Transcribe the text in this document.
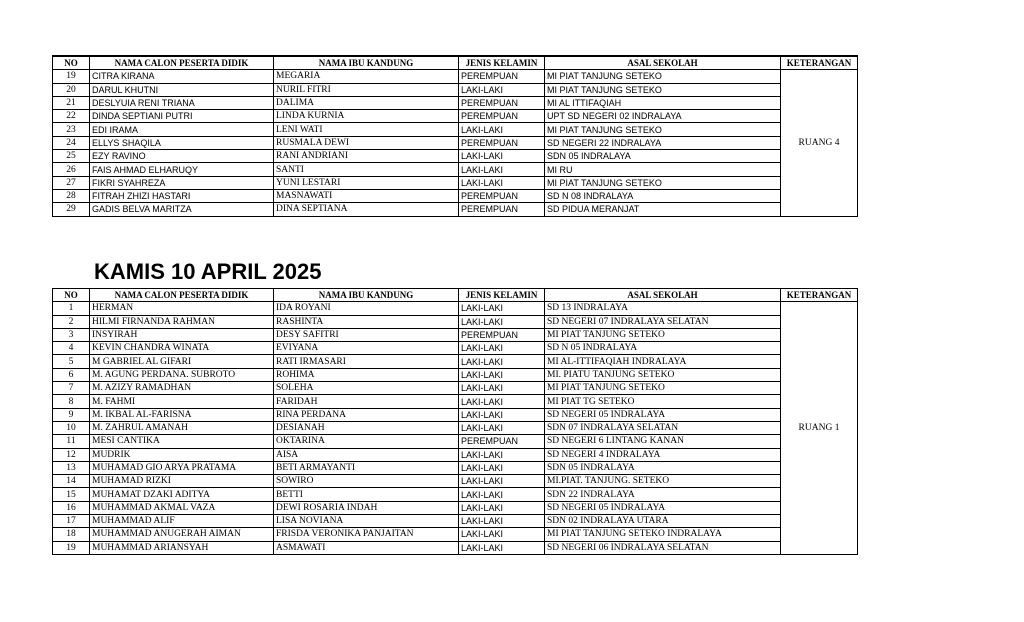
NO	NAMA CALON PESERTA DIDIK	NAMA IBU KANDUNG	JENIS KELAMIN	ASAL SEKOLAH	KETERANGAN
19	CITRA KIRANA	MEGARIA	PEREMPUAN	MI PIAT TANJUNG SETEKO	RUANG 4
20	DARUL KHUTNI	NURIL FITRI	LAKI-LAKI	MI PIAT TANJUNG SETEKO	
21	DESLYUIA RENI TRIANA	DALIMA	PEREMPUAN	MI AL ITTIFAQIAH	
22	DINDA SEPTIANI PUTRI	LINDA KURNIA	PEREMPUAN	UPT SD NEGERI 02 INDRALAYA	
23	EDI IRAMA	LENI WATI	LAKI-LAKI	MI PIAT TANJUNG SETEKO	
24	ELLYS SHAQILA	RUSMALA DEWI	PEREMPUAN	SD NEGERI 22 INDRALAYA	
25	EZY RAVINO	RANI ANDRIANI	LAKI-LAKI	SDN 05 INDRALAYA	
26	FAIS AHMAD ELHARUQY	SANTI	LAKI-LAKI	MI RU	
27	FIKRI SYAHREZA	YUNI LESTARI	LAKI-LAKI	MI PIAT TANJUNG SETEKO	
28	FITRAH ZHIZI HASTARI	MASNAWATI	PEREMPUAN	SD N 08 INDRALAYA	
29	GADIS BELVA MARITZA	DINA SEPTIANA	PEREMPUAN	SD PIDUA MERANJAT	
KAMIS 10 APRIL 2025
NO	NAMA CALON PESERTA DIDIK	NAMA IBU KANDUNG	JENIS KELAMIN	ASAL SEKOLAH	KETERANGAN
1	HERMAN	IDA ROYANI	LAKI-LAKI	SD 13 INDRALAYA	RUANG 1
2	HILMI FIRNANDA RAHMAN	RASHINTA	LAKI-LAKI	SD NEGERI 07 INDRALAYA SELATAN	
3	INSYIRAH	DESY SAFITRI	PEREMPUAN	MI PIAT TANJUNG SETEKO	
4	KEVIN CHANDRA WINATA	EVIYANA	LAKI-LAKI	SD N 05 INDRALAYA	
5	M GABRIEL AL GIFARI	RATI IRMASARI	LAKI-LAKI	MI AL-ITTIFAQIAH INDRALAYA	
6	M. AGUNG PERDANA. SUBROTO	ROHIMA	LAKI-LAKI	MI. PIATU TANJUNG SETEKO	
7	M. AZIZY RAMADHAN	SOLEHA	LAKI-LAKI	MI PIAT TANJUNG SETEKO	
8	M. FAHMI	FARIDAH	LAKI-LAKI	MI PIAT TG SETEKO	
9	M. IKBAL AL-FARISNA	RINA PERDANA	LAKI-LAKI	SD NEGERI 05 INDRALAYA	
10	M. ZAHRUL AMANAH	DESIANAH	LAKI-LAKI	SDN 07 INDRALAYA SELATAN	
11	MESI CANTIKA	OKTARINA	PEREMPUAN	SD NEGERI 6 LINTANG KANAN	
12	MUDRIK	AISA	LAKI-LAKI	SD NEGERI 4 INDRALAYA	
13	MUHAMAD GIO ARYA PRATAMA	BETI ARMAYANTI	LAKI-LAKI	SDN 05 INDRALAYA	
14	MUHAMAD RIZKI	SOWIRO	LAKI-LAKI	MI.PIAT. TANJUNG. SETEKO	
15	MUHAMAT DZAKI ADITYA	BETTI	LAKI-LAKI	SDN 22 INDRALAYA	
16	MUHAMMAD AKMAL VAZA	DEWI ROSARIA INDAH	LAKI-LAKI	SD NEGERI 05 INDRALAYA	
17	MUHAMMAD ALIF	LISA NOVIANA	LAKI-LAKI	SDN 02 INDRALAYA UTARA	
18	MUHAMMAD ANUGERAH AIMAN	FRISDA VERONIKA PANJAITAN	LAKI-LAKI	MI PIAT TANJUNG SETEKO INDRALAYA	
19	MUHAMMAD ARIANSYAH	ASMAWATI	LAKI-LAKI	SD NEGERI 06 INDRALAYA SELATAN	
